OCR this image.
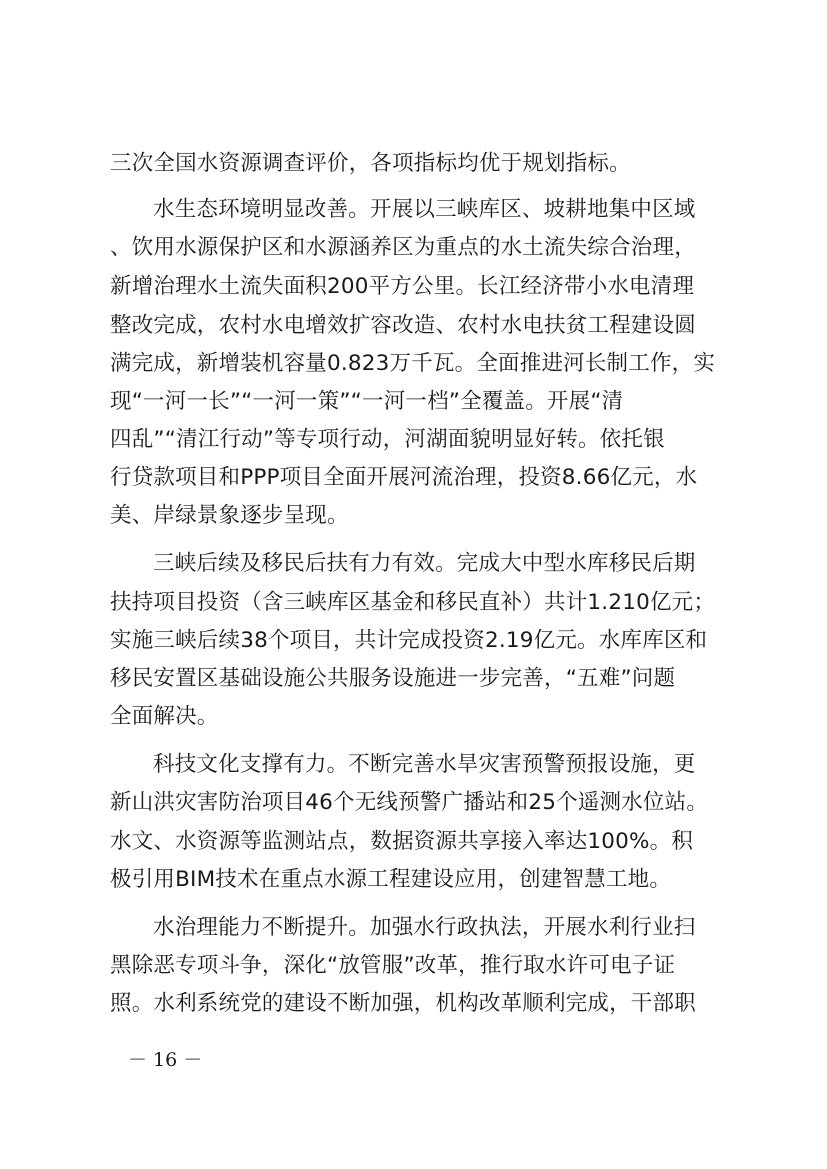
三次全国水资源调查评价，各项指标均优于规划指标。
水生态环境明显改善。开展以三峡库区、坡耕地集中区域
、饮用水源保护区和水源涵养区为重点的水土流失综合治理，
新增治理水土流失面积200平方公里。长江经济带小水电清理
整改完成，农村水电增效扩容改造、农村水电扶贫工程建设圆
满完成，新增装机容量0.823万千瓦。全面推进河长制工作，实
现“一河一长”“一河一策”“一河一档”全覆盖。开展“清
四乱”“清江行动”等专项行动，河湖面貌明显好转。依托银
行贷款项目和PPP项目全面开展河流治理，投资8.66亿元，水
美、岸绿景象逐步呈现。
三峡后续及移民后扶有力有效。完成大中型水库移民后期
扶持项目投资（含三峡库区基金和移民直补）共计1.210亿元；
实施三峡后续38个项目，共计完成投资2.19亿元。水库库区和
移民安置区基础设施公共服务设施进一步完善，“五难”问题
全面解决。
科技文化支撑有力。不断完善水旱灾害预警预报设施，更
新山洪灾害防治项目46个无线预警广播站和25个遥测水位站。
水文、水资源等监测站点，数据资源共享接入率达100%。积
极引用BIM技术在重点水源工程建设应用，创建智慧工地。
水治理能力不断提升。加强水行政执法，开展水利行业扫
黑除恶专项斗争，深化“放管服”改革，推行取水许可电子证
照。水利系统党的建设不断加强，机构改革顺利完成，干部职
－ 16 －
